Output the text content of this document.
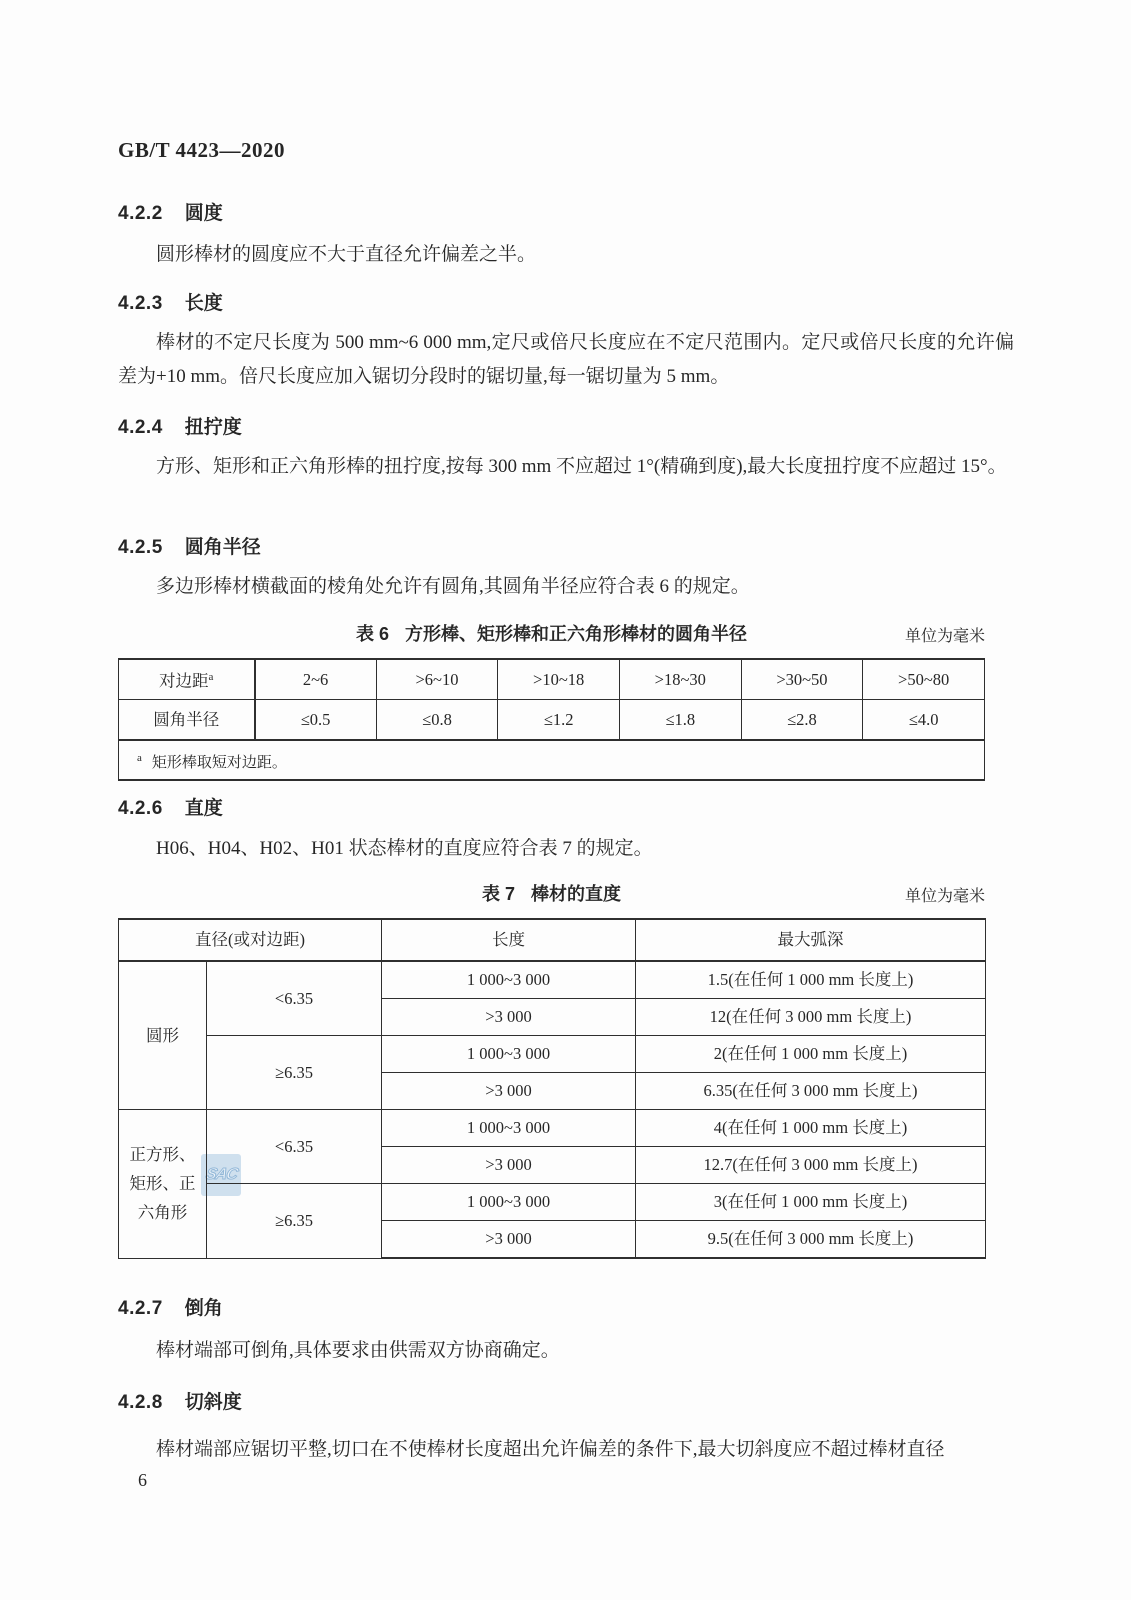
GB/T 4423—2020
SAC
4.2.2 圆度
圆形棒材的圆度应不大于直径允许偏差之半。
4.2.3 长度
棒材的不定尺长度为 500 mm~6 000 mm,定尺或倍尺长度应在不定尺范围内。定尺或倍尺长度的允许偏差为+10 mm。倍尺长度应加入锯切分段时的锯切量,每一锯切量为 5 mm。
4.2.4 扭拧度
方形、矩形和正六角形棒的扭拧度,按每 300 mm 不应超过 1°(精确到度),最大长度扭拧度不应超过 15°。
4.2.5 圆角半径
多边形棒材横截面的棱角处允许有圆角,其圆角半径应符合表 6 的规定。
表 6 方形棒、矩形棒和正六角形棒材的圆角半径	单位为毫米
对边距$^a$	2~6	>6~10	>10~18	>18~30	>30~50	>50~80
圆角半径	≤0.5	≤0.8	≤1.2	≤1.8	≤2.8	≤4.0
$^a$ 矩形棒取短对边距。						
4.2.6 直度
H06、H04、H02、H01 状态棒材的直度应符合表 7 的规定。
表 7 棒材的直度	单位为毫米
直径(或对边距)		长度	最大弧深
圆形	<6.35	1 000~3 000	1.5(在任何 1 000 mm 长度上)
		>3 000	12(在任何 3 000 mm 长度上)
	≥6.35	1 000~3 000	2(在任何 1 000 mm 长度上)
		>3 000	6.35(在任何 3 000 mm 长度上)
正方形、矩形、正六角形	<6.35	1 000~3 000	4(在任何 1 000 mm 长度上)
		>3 000	12.7(在任何 3 000 mm 长度上)
	≥6.35	1 000~3 000	3(在任何 1 000 mm 长度上)
		>3 000	9.5(在任何 3 000 mm 长度上)
4.2.7 倒角
棒材端部可倒角,具体要求由供需双方协商确定。
4.2.8 切斜度
棒材端部应锯切平整,切口在不使棒材长度超出允许偏差的条件下,最大切斜度应不超过棒材直径
6
